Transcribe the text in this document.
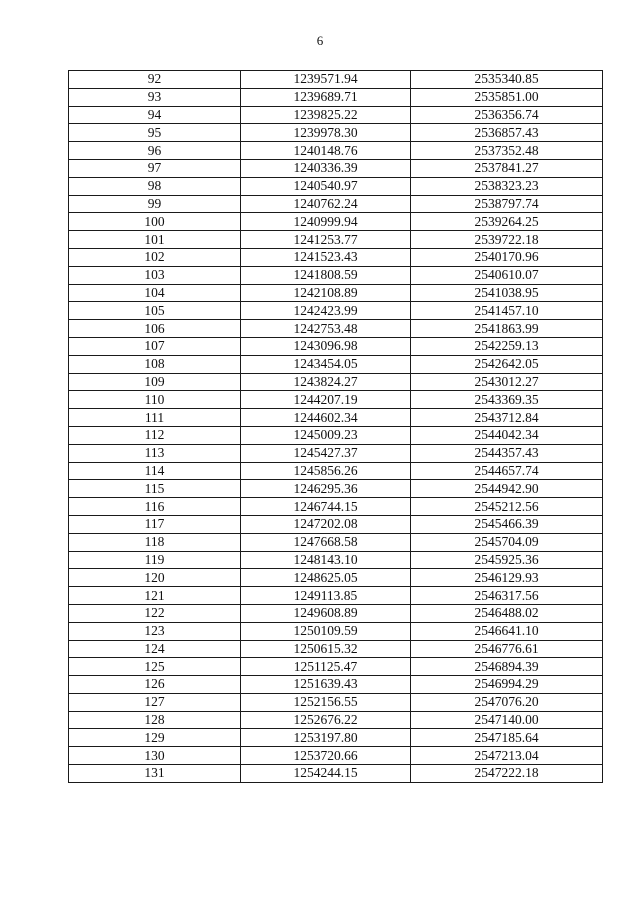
6
92	1239571.94	2535340.85
93	1239689.71	2535851.00
94	1239825.22	2536356.74
95	1239978.30	2536857.43
96	1240148.76	2537352.48
97	1240336.39	2537841.27
98	1240540.97	2538323.23
99	1240762.24	2538797.74
100	1240999.94	2539264.25
101	1241253.77	2539722.18
102	1241523.43	2540170.96
103	1241808.59	2540610.07
104	1242108.89	2541038.95
105	1242423.99	2541457.10
106	1242753.48	2541863.99
107	1243096.98	2542259.13
108	1243454.05	2542642.05
109	1243824.27	2543012.27
110	1244207.19	2543369.35
111	1244602.34	2543712.84
112	1245009.23	2544042.34
113	1245427.37	2544357.43
114	1245856.26	2544657.74
115	1246295.36	2544942.90
116	1246744.15	2545212.56
117	1247202.08	2545466.39
118	1247668.58	2545704.09
119	1248143.10	2545925.36
120	1248625.05	2546129.93
121	1249113.85	2546317.56
122	1249608.89	2546488.02
123	1250109.59	2546641.10
124	1250615.32	2546776.61
125	1251125.47	2546894.39
126	1251639.43	2546994.29
127	1252156.55	2547076.20
128	1252676.22	2547140.00
129	1253197.80	2547185.64
130	1253720.66	2547213.04
131	1254244.15	2547222.18
